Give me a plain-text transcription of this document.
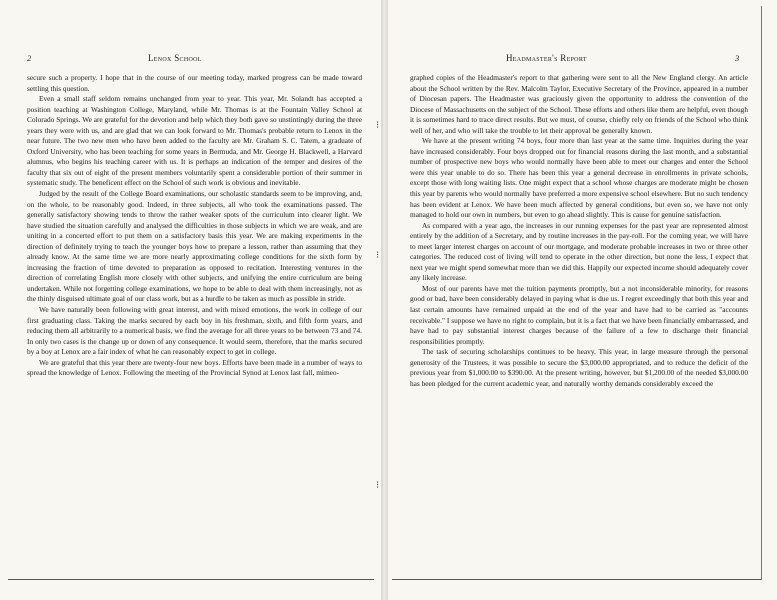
2	Lenox School

secure such a property. I hope that in the course of our meeting today, marked progress can be made toward settling this question.

Even a small staff seldom remains unchanged from year to year. This year, Mr. Solandt has accepted a position teaching at Washington College, Maryland, while Mr. Thomas is at the Fountain Valley School at Colorado Springs. We are grateful for the devotion and help which they both gave so unstintingly during the three years they were with us, and are glad that we can look forward to Mr. Thomas's probable return to Lenox in the near future. The two new men who have been added to the faculty are Mr. Graham S. C. Tatem, a graduate of Oxford University, who has been teaching for some years in Bermuda, and Mr. George H. Blackwell, a Harvard alumnus, who begins his teaching career with us. It is perhaps an indication of the temper and desires of the faculty that six out of eight of the present members voluntarily spent a considerable portion of their summer in systematic study. The beneficent effect on the School of such work is obvious and inevitable.

Judged by the result of the College Board examinations, our scholastic standards seem to be improving, and, on the whole, to be reasonably good. Indeed, in three subjects, all who took the examinations passed. The generally satisfactory showing tends to throw the rather weaker spots of the curriculum into clearer light. We have studied the situation carefully and analysed the difficulties in those subjects in which we are weak, and are uniting in a concerted effort to put them on a satisfactory basis this year. We are making experiments in the direction of definitely trying to teach the younger boys how to prepare a lesson, rather than assuming that they already know. At the same time we are more nearly approximating college conditions for the sixth form by increasing the fraction of time devoted to preparation as opposed to recitation. Interesting ventures in the direction of correlating English more closely with other subjects, and unifying the entire curriculum are being undertaken. While not forgetting college examinations, we hope to be able to deal with them increasingly, not as the thinly disguised ultimate goal of our class work, but as a hurdle to be taken as much as possible in stride.

We have naturally been following with great interest, and with mixed emotions, the work in college of our first graduating class. Taking the marks secured by each boy in his freshman, sixth, and fifth form years, and reducing them all arbitrarily to a numerical basis, we find the average for all three years to be between 73 and 74. In only two cases is the change up or down of any consequence. It would seem, therefore, that the marks secured by a boy at Lenox are a fair index of what he can reasonably expect to get in college.

We are grateful that this year there are twenty-four new boys. Efforts have been made in a number of ways to spread the knowledge of Lenox. Following the meeting of the Provincial Synod at Lenox last fall, mimeo-

Headmaster's Report	3

graphed copies of the Headmaster's report to that gathering were sent to all the New England clergy. An article about the School written by the Rev. Malcolm Taylor, Executive Secretary of the Province, appeared in a number of Diocesan papers. The Headmaster was graciously given the opportunity to address the convention of the Diocese of Massachusetts on the subject of the School. These efforts and others like them are helpful, even though it is sometimes hard to trace direct results. But we must, of course, chiefly rely on friends of the School who think well of her, and who will take the trouble to let their approval be generally known.

We have at the present writing 74 boys, four more than last year at the same time. Inquiries during the year have increased considerably. Four boys dropped out for financial reasons during the last month, and a substantial number of prospective new boys who would normally have been able to meet our charges and enter the School were this year unable to do so. There has been this year a general decrease in enrollments in private schools, except those with long waiting lists. One might expect that a school whose charges are moderate might be chosen this year by parents who would normally have preferred a more expensive school elsewhere. But no such tendency has been evident at Lenox. We have been much affected by general conditions, but even so, we have not only managed to hold our own in numbers, but even to go ahead slightly. This is cause for genuine satisfaction.

As compared with a year ago, the increases in our running expenses for the past year are represented almost entirely by the addition of a Secretary, and by routine increases in the pay-roll. For the coming year, we will have to meet larger interest charges on account of our mortgage, and moderate probable increases in two or three other categories. The reduced cost of living will tend to operate in the other direction, but none the less, I expect that next year we might spend somewhat more than we did this. Happily our expected income should adequately cover any likely increase.

Most of our parents have met the tuition payments promptly, but a not inconsiderable minority, for reasons good or bad, have been considerably delayed in paying what is due us. I regret exceedingly that both this year and last certain amounts have remained unpaid at the end of the year and have had to be carried as "accounts receivable." I suppose we have no right to complain, but it is a fact that we have been financially embarrassed, and have had to pay substantial interest charges because of the failure of a few to discharge their financial responsibilities promptly.

The task of securing scholarships continues to be heavy. This year, in large measure through the personal generosity of the Trustees, it was possible to secure the $3,000.00 appropriated, and to reduce the deficit of the previous year from $1,000.00 to $390.00. At the present writing, however, but $1,200.00 of the needed $3,000.00 has been pledged for the current academic year, and naturally worthy demands considerably exceed the

⁝
⁝
⁝
